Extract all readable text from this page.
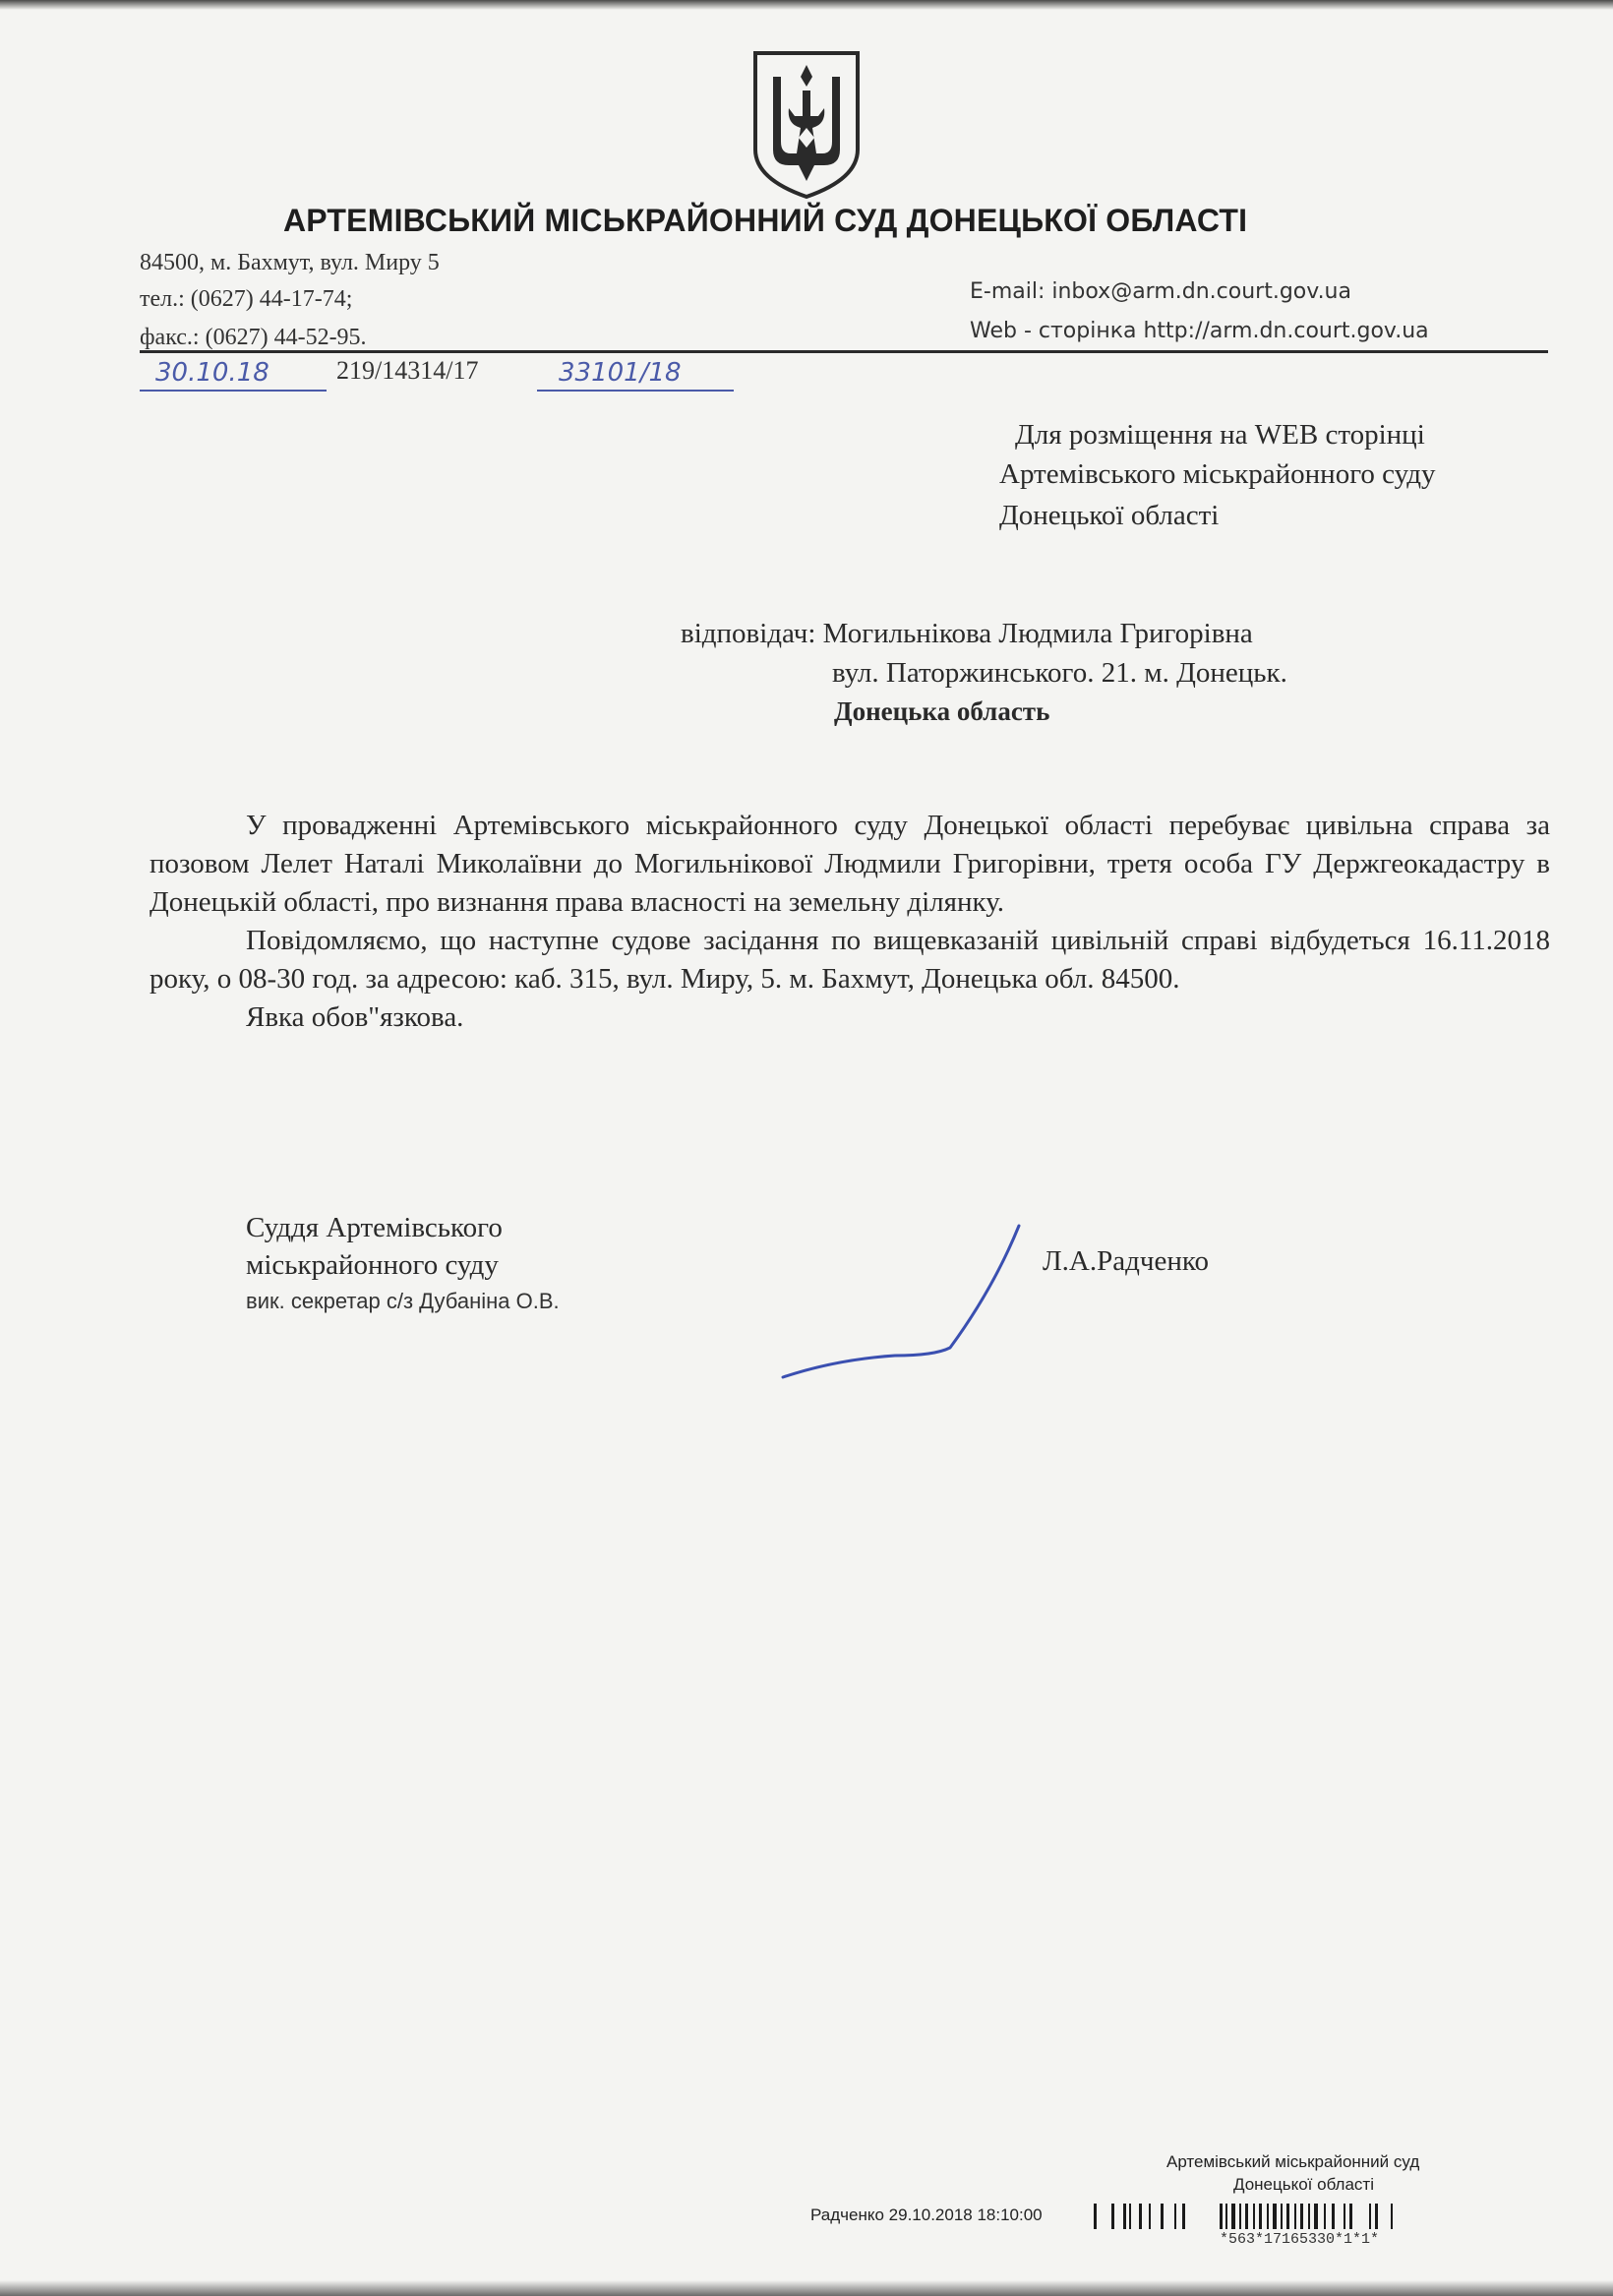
АРТЕМІВСЬКИЙ МІСЬКРАЙОННИЙ СУД ДОНЕЦЬКОЇ ОБЛАСТІ
84500, м. Бахмут, вул. Миру 5
тел.: (0627) 44-17-74;
факс.: (0627) 44-52-95.
E-mail: inbox@arm.dn.court.gov.ua
Web - сторінка http://arm.dn.court.gov.ua
30.10.18	219/14314/17	33101/18
Для розміщення на WEB сторінці
Артемівського міськрайонного суду
Донецької області
відповідач: Могильнікова Людмила Григорівна
вул. Паторжинського. 21. м. Донецьк.
Донецька область

У провадженні Артемівського міськрайонного суду Донецької області перебуває цивільна справа за позовом Лелет Наталі Миколаївни до Могильнікової Людмили Григорівни, третя особа ГУ Держгеокадастру в Донецькій області, про визнання права власності на земельну ділянку.

Повідомляємо, що наступне судове засідання по вищевказаній цивільній справі відбудеться 16.11.2018 року, о 08-30 год. за адресою: каб. 315, вул. Миру, 5. м. Бахмут, Донецька обл. 84500.

Явка обов"язкова.

Суддя Артемівського
міськрайонного суду
вик. секретар с/з Дубаніна О.В.
Л.А.Радченко
Артемівський міськрайонний суд
Донецької області
Радченко 29.10.2018 18:10:00
*563*17165330*1*1*
